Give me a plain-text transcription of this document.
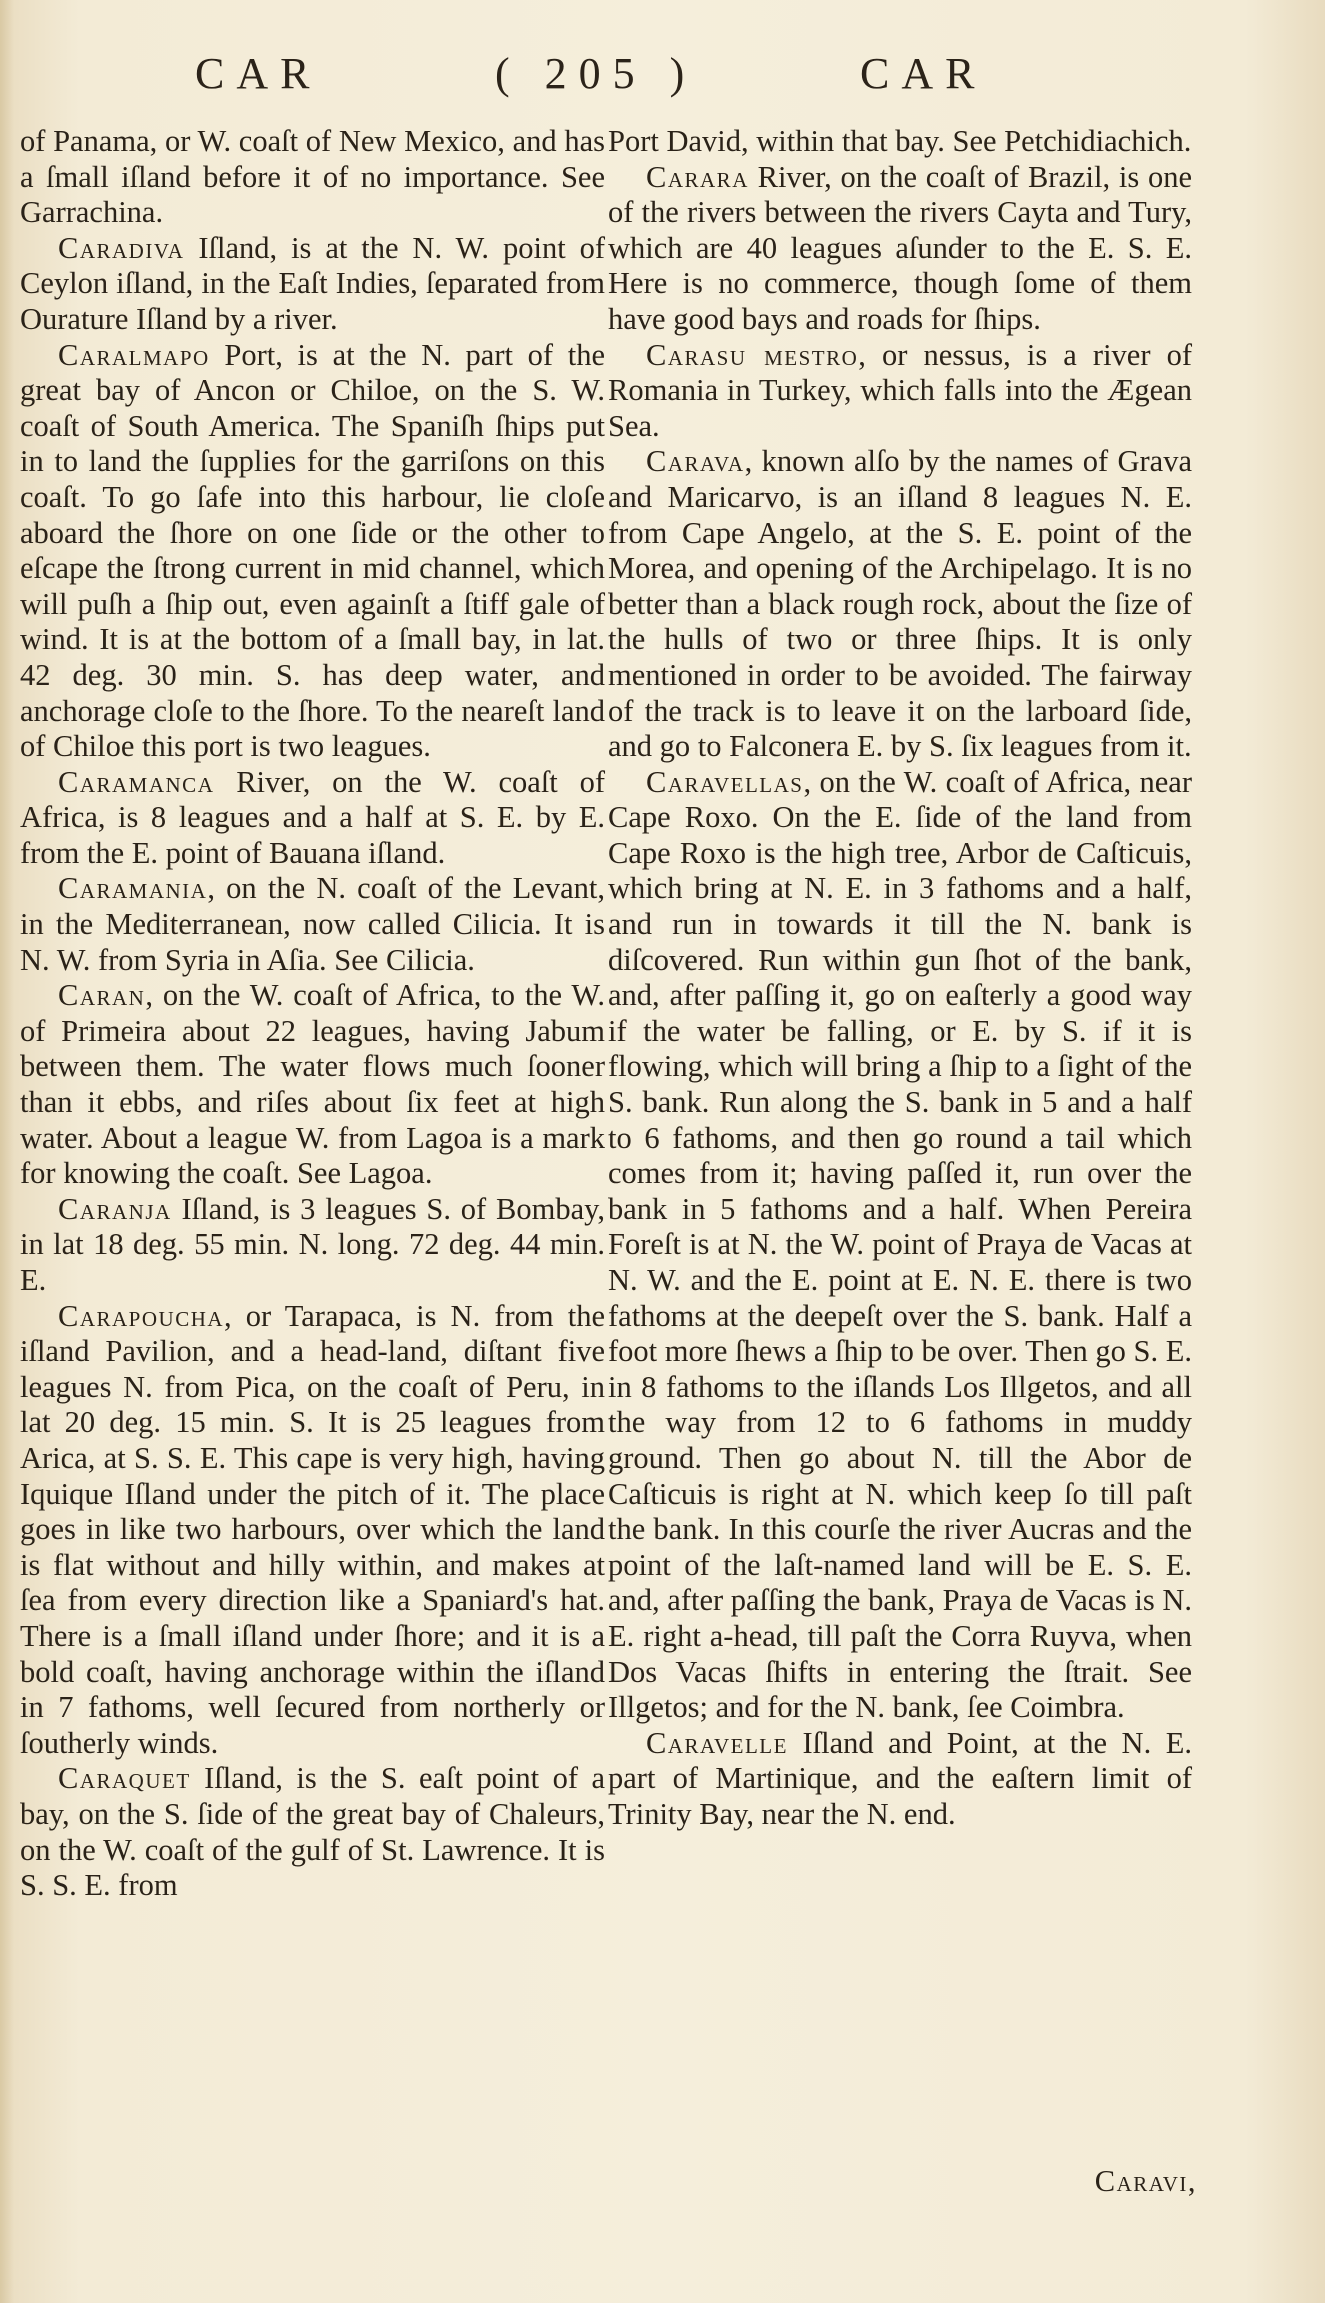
CAR	( 205 )	CAR

of Panama, or W. coaſt of New Mexico, and has a ſmall iſland before it of no importance. See Garrachina.

Caradiva Iſland, is at the N. W. point of Ceylon iſland, in the Eaſt Indies, ſeparated from Ourature Iſland by a river.

Caralmapo Port, is at the N. part of the great bay of Ancon or Chiloe, on the S. W. coaſt of South America. The Spaniſh ſhips put in to land the ſupplies for the garriſons on this coaſt. To go ſafe into this harbour, lie cloſe aboard the ſhore on one ſide or the other to eſcape the ſtrong current in mid channel, which will puſh a ſhip out, even againſt a ſtiff gale of wind. It is at the bottom of a ſmall bay, in lat. 42 deg. 30 min. S. has deep water, and anchorage cloſe to the ſhore. To the neareſt land of Chiloe this port is two leagues.

Caramanca River, on the W. coaſt of Africa, is 8 leagues and a half at S. E. by E. from the E. point of Bauana iſland.

Caramania, on the N. coaſt of the Levant, in the Mediterranean, now called Cilicia. It is N. W. from Syria in Aſia. See Cilicia.

Caran, on the W. coaſt of Africa, to the W. of Primeira about 22 leagues, having Jabum between them. The water flows much ſooner than it ebbs, and riſes about ſix feet at high water. About a league W. from Lagoa is a mark for knowing the coaſt. See Lagoa.

Caranja Iſland, is 3 leagues S. of Bombay, in lat 18 deg. 55 min. N. long. 72 deg. 44 min. E.

Carapoucha, or Tarapaca, is N. from the iſland Pavilion, and a head-land, diſtant five leagues N. from Pica, on the coaſt of Peru, in lat 20 deg. 15 min. S. It is 25 leagues from Arica, at S. S. E. This cape is very high, having Iquique Iſland under the pitch of it. The place goes in like two harbours, over which the land is flat without and hilly within, and makes at ſea from every direction like a Spaniard's hat. There is a ſmall iſland under ſhore; and it is a bold coaſt, having anchorage within the iſland in 7 fathoms, well ſecured from northerly or ſoutherly winds.

Caraquet Iſland, is the S. eaſt point of a bay, on the S. ſide of the great bay of Chaleurs, on the W. coaſt of the gulf of St. Lawrence. It is S. S. E. from

Port David, within that bay. See Petchidiachich.

Carara River, on the coaſt of Brazil, is one of the rivers between the rivers Cayta and Tury, which are 40 leagues aſunder to the E. S. E. Here is no commerce, though ſome of them have good bays and roads for ſhips.

Carasu mestro, or nessus, is a river of Romania in Turkey, which falls into the Ægean Sea.

Carava, known alſo by the names of Grava and Maricarvo, is an iſland 8 leagues N. E. from Cape Angelo, at the S. E. point of the Morea, and opening of the Archipelago. It is no better than a black rough rock, about the ſize of the hulls of two or three ſhips. It is only mentioned in order to be avoided. The fairway of the track is to leave it on the larboard ſide, and go to Falconera E. by S. ſix leagues from it.

Caravellas, on the W. coaſt of Africa, near Cape Roxo. On the E. ſide of the land from Cape Roxo is the high tree, Arbor de Caſticuis, which bring at N. E. in 3 fathoms and a half, and run in towards it till the N. bank is diſcovered. Run within gun ſhot of the bank, and, after paſſing it, go on eaſterly a good way if the water be falling, or E. by S. if it is flowing, which will bring a ſhip to a ſight of the S. bank. Run along the S. bank in 5 and a half to 6 fathoms, and then go round a tail which comes from it; having paſſed it, run over the bank in 5 fathoms and a half. When Pereira Foreſt is at N. the W. point of Praya de Vacas at N. W. and the E. point at E. N. E. there is two fathoms at the deepeſt over the S. bank. Half a foot more ſhews a ſhip to be over. Then go S. E. in 8 fathoms to the iſlands Los Illgetos, and all the way from 12 to 6 fathoms in muddy ground. Then go about N. till the Abor de Caſticuis is right at N. which keep ſo till paſt the bank. In this courſe the river Aucras and the point of the laſt-named land will be E. S. E. and, after paſſing the bank, Praya de Vacas is N. E. right a-head, till paſt the Corra Ruyva, when Dos Vacas ſhifts in entering the ſtrait. See Illgetos; and for the N. bank, ſee Coimbra.

Caravelle Iſland and Point, at the N. E. part of Martinique, and the eaſtern limit of Trinity Bay, near the N. end.

Caravi,
